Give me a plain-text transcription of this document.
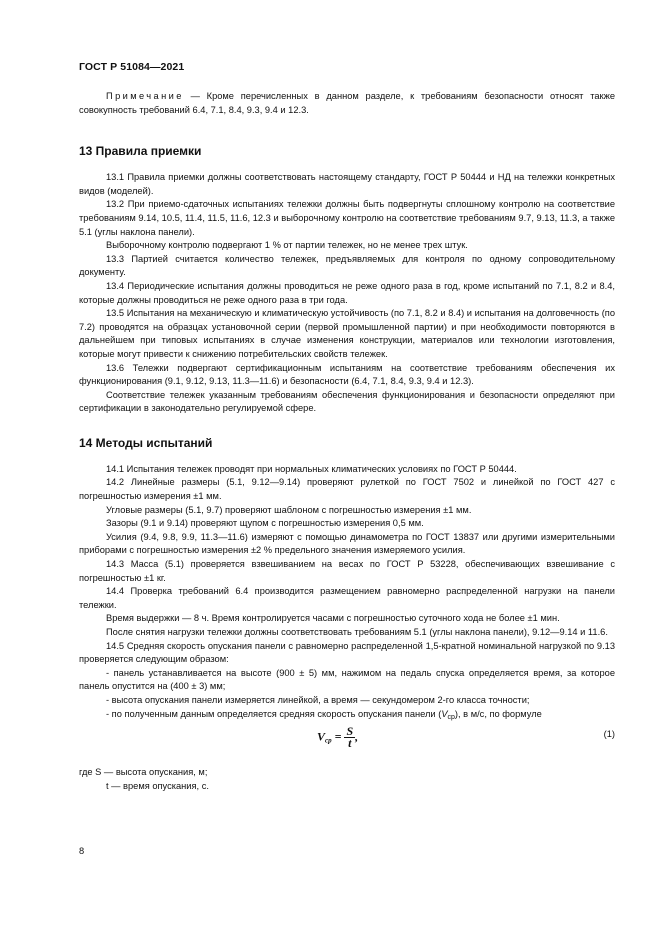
ГОСТ Р 51084—2021

Примечание — Кроме перечисленных в данном разделе, к требованиям безопасности относят также совокупность требований 6.4, 7.1, 8.4, 9.3, 9.4 и 12.3.

13 Правила приемки

13.1 Правила приемки должны соответствовать настоящему стандарту, ГОСТ Р 50444 и НД на тележки конкретных видов (моделей).

13.2 При приемо-сдаточных испытаниях тележки должны быть подвергнуты сплошному контролю на соответствие требованиям 9.14, 10.5, 11.4, 11.5, 11.6, 12.3 и выборочному контролю на соответствие требованиям 9.7, 9.13, 11.3, а также 5.1 (углы наклона панели).

Выборочному контролю подвергают 1 % от партии тележек, но не менее трех штук.

13.3 Партией считается количество тележек, предъявляемых для контроля по одному сопроводительному документу.

13.4 Периодические испытания должны проводиться не реже одного раза в год, кроме испытаний по 7.1, 8.2 и 8.4, которые должны проводиться не реже одного раза в три года.

13.5 Испытания на механическую и климатическую устойчивость (по 7.1, 8.2 и 8.4) и испытания на долговечность (по 7.2) проводятся на образцах установочной серии (первой промышленной партии) и при необходимости повторяются в дальнейшем при типовых испытаниях в случае изменения конструкции, материалов или технологии изготовления, которые могут привести к снижению потребительских свойств тележек.

13.6 Тележки подвергают сертификационным испытаниям на соответствие требованиям обеспечения их функционирования (9.1, 9.12, 9.13, 11.3—11.6) и безопасности (6.4, 7.1, 8.4, 9.3, 9.4 и 12.3).

Соответствие тележек указанным требованиям обеспечения функционирования и безопасности определяют при сертификации в законодательно регулируемой сфере.

14 Методы испытаний

14.1 Испытания тележек проводят при нормальных климатических условиях по ГОСТ Р 50444.

14.2 Линейные размеры (5.1, 9.12—9.14) проверяют рулеткой по ГОСТ 7502 и линейкой по ГОСТ 427 с погрешностью измерения ±1 мм.

Угловые размеры (5.1, 9.7) проверяют шаблоном с погрешностью измерения ±1 мм.

Зазоры (9.1 и 9.14) проверяют щупом с погрешностью измерения 0,5 мм.

Усилия (9.4, 9.8, 9.9, 11.3—11.6) измеряют с помощью динамометра по ГОСТ 13837 или другими измерительными приборами с погрешностью измерения ±2 % предельного значения измеряемого усилия.

14.3 Масса (5.1) проверяется взвешиванием на весах по ГОСТ Р 53228, обеспечивающих взвешивание с погрешностью ±1 кг.

14.4 Проверка требований 6.4 производится размещением равномерно распределенной нагрузки на панели тележки.

Время выдержки — 8 ч. Время контролируется часами с погрешностью суточного хода не более ±1 мин.

После снятия нагрузки тележки должны соответствовать требованиям 5.1 (углы наклона панели), 9.12—9.14 и 11.6.

14.5 Средняя скорость опускания панели с равномерно распределенной 1,5-кратной номинальной нагрузкой по 9.13 проверяется следующим образом:

- панель устанавливается на высоте (900 ± 5) мм, нажимом на педаль спуска определяется время, за которое панель опустится на (400 ± 3) мм;

- высота опускания панели измеряется линейкой, а время — секундомером 2-го класса точности;

- по полученным данным определяется средняя скорость опускания панели $(V_{ср})$, в м/с, по формуле

$V_{ср} = \frac{S}{t}$ ,	(1)

где S — высота опускания, м;

t — время опускания, с.

8
